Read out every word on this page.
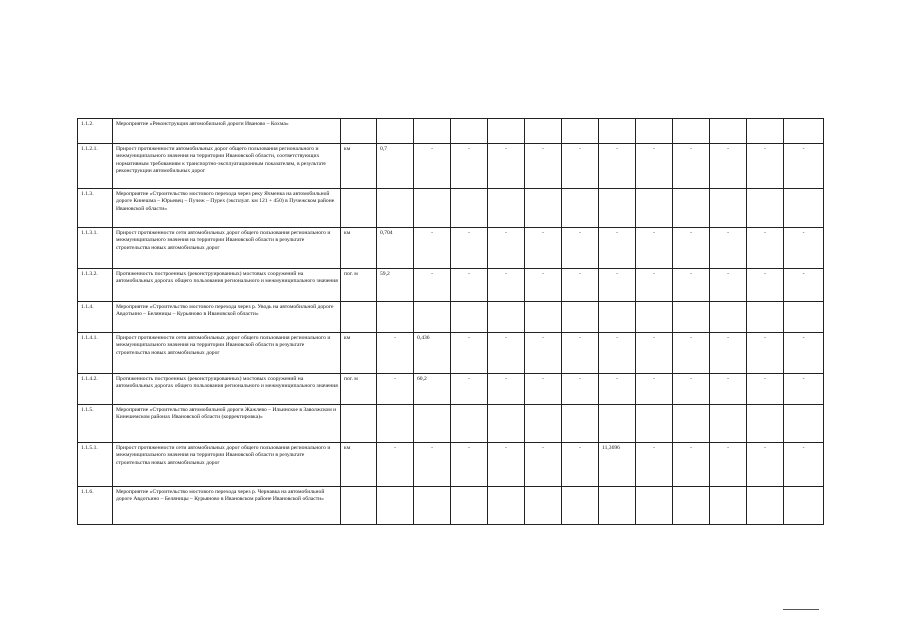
1.1.2.	Мероприятие «Реконструкция автомобильной дороги Иваново – Кохма»													
1.1.2.1.	Прирост протяженности автомобильных дорог общего пользования регионального и межмуниципального значения на территории Ивановской области, соответствующих нормативным требованиям к транспортно-эксплуатационным показателям, в результате реконструкции автомобильных дорог	км	0,7	-	-	-	-	-	-	-	-	-	-	-
1.1.3.	Мероприятие «Строительство мостового перехода через реку Ячменка на автомобильной дороге Кинешма – Юрьевец – Пучеж – Пурех (эксплуат. км 121 + 450) в Пучежском районе Ивановской области»													
1.1.3.1.	Прирост протяженности сети автомобильных дорог общего пользования регионального и межмуниципального значения на территории Ивановской области в результате строительства новых автомобильных дорог	км	0,704	-	-	-	-	-	-	-	-	-	-	-
1.1.3.2.	Протяженность построенных (реконструированных) мостовых сооружений на автомобильных дорогах общего пользования регионального и межмуниципального значения	пог. м	59,2	-	-	-	-	-	-	-	-	-	-	-
1.1.4.	Мероприятие «Строительство мостового перехода через р. Уводь на автомобильной дороге Авдотьино – Беляницы – Курьяново в Ивановской области»													
1.1.4.1.	Прирост протяженности сети автомобильных дорог общего пользования регионального и межмуниципального значения на территории Ивановской области в результате строительства новых автомобильных дорог	км	-	0,436	-	-	-	-	-	-	-	-	-	-
1.1.4.2.	Протяженность построенных (реконструированных) мостовых сооружений на автомобильных дорогах общего пользования регионального и межмуниципального значения	пог. м	-	60,2	-	-	-	-	-	-	-	-	-	-
1.1.5.	Мероприятие «Строительство автомобильной дороги Жажлево – Ильинское в Заволжском и Кинешемском районах Ивановской области (корректировка)»													
1.1.5.1.	Прирост протяженности сети автомобильных дорог общего пользования регионального и межмуниципального значения на территории Ивановской области в результате строительства новых автомобильных дорог	км	-	-	-	-	-	-	11,3696	-	-	-	-	-
1.1.6.	Мероприятие «Строительство мостового перехода через р. Чернавка на автомобильной дороге Авдотьино – Беляницы – Курьяново в Ивановском районе Ивановской области»													
